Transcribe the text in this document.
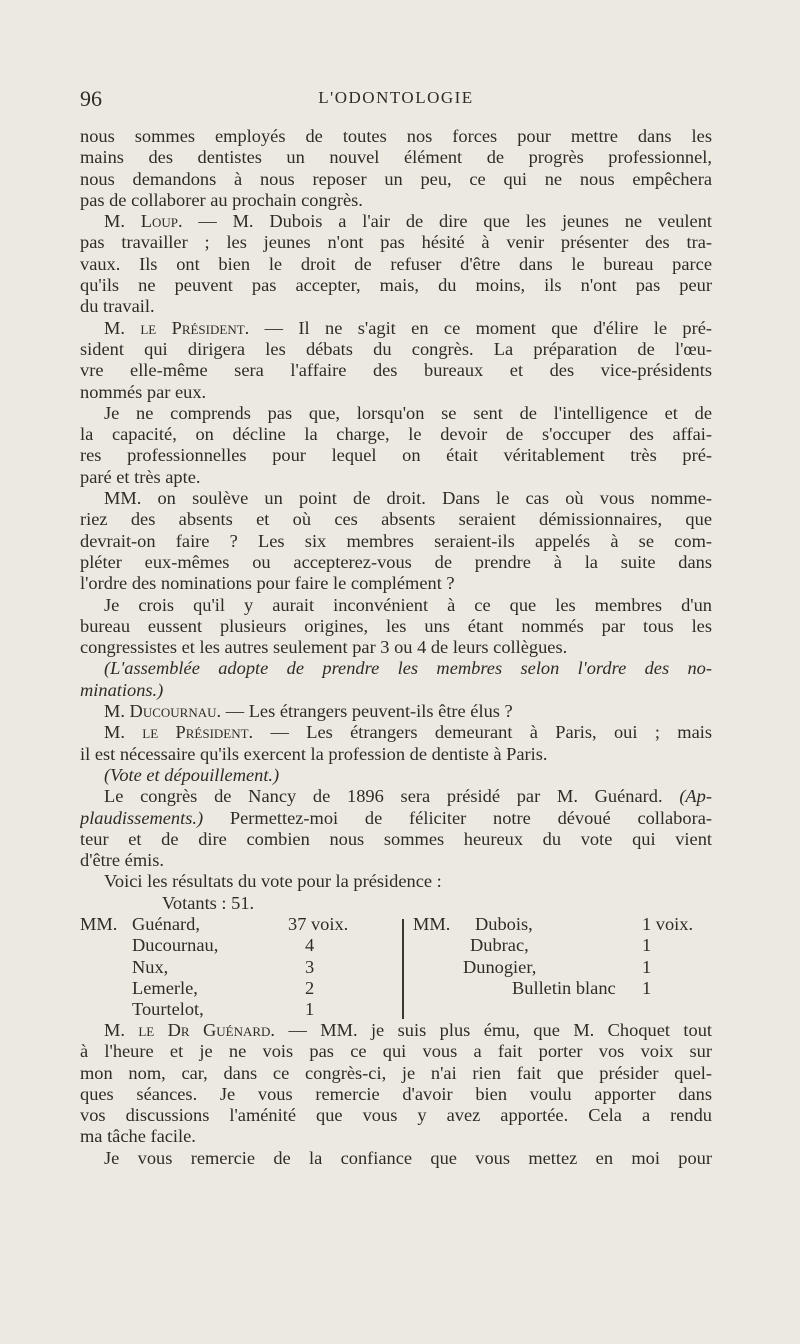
96	L'ODONTOLOGIE
nous sommes employés de toutes nos forces pour mettre dans les
mains des dentistes un nouvel élément de progrès professionnel,
nous demandons à nous reposer un peu, ce qui ne nous empêchera
pas de collaborer au prochain congrès.
M. Loup. — M. Dubois a l'air de dire que les jeunes ne veulent
pas travailler ; les jeunes n'ont pas hésité à venir présenter des tra-
vaux. Ils ont bien le droit de refuser d'être dans le bureau parce
qu'ils ne peuvent pas accepter, mais, du moins, ils n'ont pas peur
du travail.
M. le Président. — Il ne s'agit en ce moment que d'élire le pré-
sident qui dirigera les débats du congrès. La préparation de l'œu-
vre elle-même sera l'affaire des bureaux et des vice-présidents
nommés par eux.
Je ne comprends pas que, lorsqu'on se sent de l'intelligence et de
la capacité, on décline la charge, le devoir de s'occuper des affai-
res professionnelles pour lequel on était véritablement très pré-
paré et très apte.
MM. on soulève un point de droit. Dans le cas où vous nomme-
riez des absents et où ces absents seraient démissionnaires, que
devrait-on faire ? Les six membres seraient-ils appelés à se com-
pléter eux-mêmes ou accepterez-vous de prendre à la suite dans
l'ordre des nominations pour faire le complément ?
Je crois qu'il y aurait inconvénient à ce que les membres d'un
bureau eussent plusieurs origines, les uns étant nommés par tous les
congressistes et les autres seulement par 3 ou 4 de leurs collègues.
(L'assemblée adopte de prendre les membres selon l'ordre des no-
minations.)
M. Ducournau. — Les étrangers peuvent-ils être élus ?
M. le Président. — Les étrangers demeurant à Paris, oui ; mais
il est nécessaire qu'ils exercent la profession de dentiste à Paris.
(Vote et dépouillement.)
Le congrès de Nancy de 1896 sera présidé par M. Guénard. (Ap-
plaudissements.) Permettez-moi de féliciter notre dévoué collabora-
teur et de dire combien nous sommes heureux du vote qui vient
d'être émis.
Voici les résultats du vote pour la présidence :
Votants : 51.
MM. Guénard,
Ducournau,
Nux,
Lemerle,
Tourtelot,
37 voix.
4
3
2
1
MM. Dubois,
Dubrac,
Dunogier,
Bulletin blanc
1 voix.
1
1
1
M. le Dr Guénard. — MM. je suis plus ému, que M. Choquet tout
à l'heure et je ne vois pas ce qui vous a fait porter vos voix sur
mon nom, car, dans ce congrès-ci, je n'ai rien fait que présider quel-
ques séances. Je vous remercie d'avoir bien voulu apporter dans
vos discussions l'aménité que vous y avez apportée. Cela a rendu
ma tâche facile.
Je vous remercie de la confiance que vous mettez en moi pour
